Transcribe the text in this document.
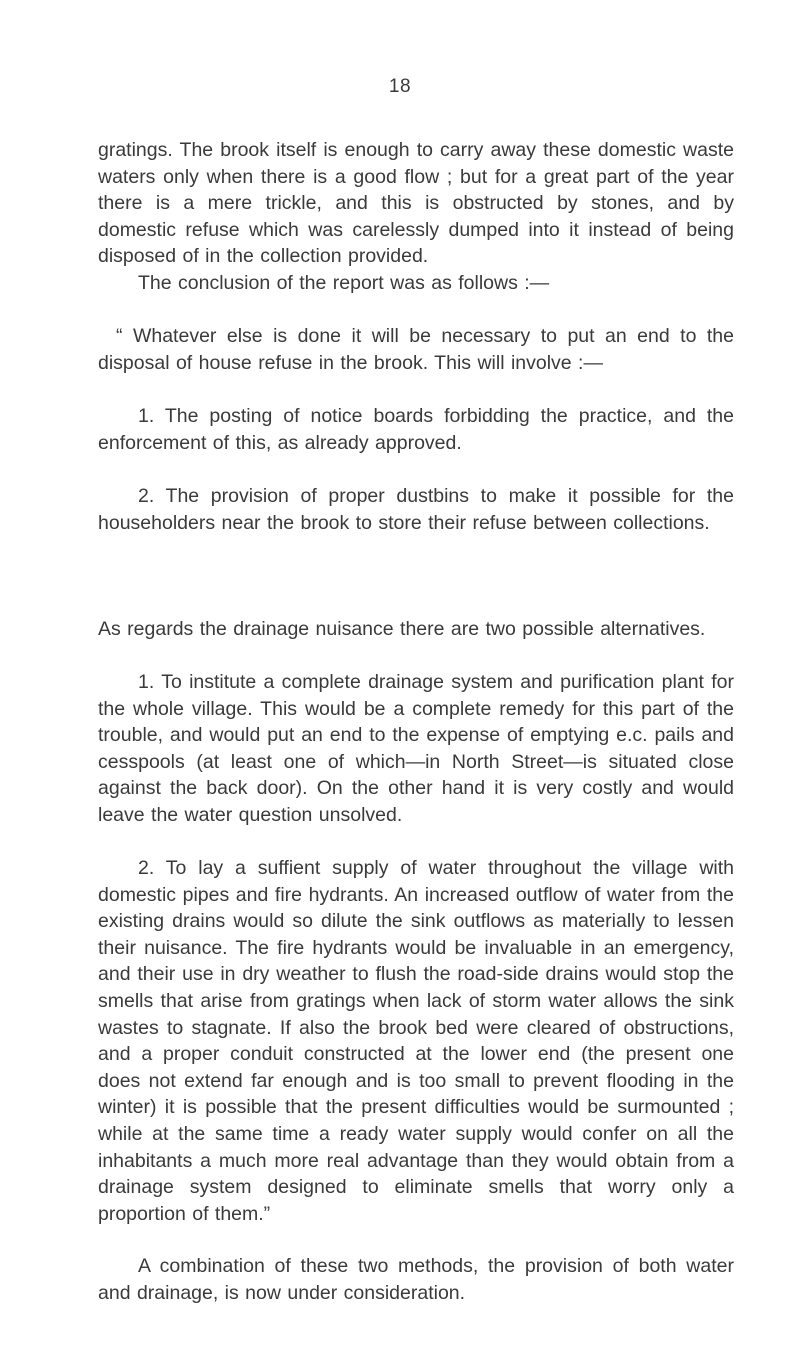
18

gratings. The brook itself is enough to carry away these domestic waste waters only when there is a good flow ; but for a great part of the year there is a mere trickle, and this is obstructed by stones, and by domestic refuse which was carelessly dumped into it instead of being disposed of in the collection provided.

The conclusion of the report was as follows :—

“ Whatever else is done it will be necessary to put an end to the disposal of house refuse in the brook. This will involve :—

1. The posting of notice boards forbidding the practice, and the enforcement of this, as already approved.

2. The provision of proper dustbins to make it possible for the householders near the brook to store their refuse between collections.

As regards the drainage nuisance there are two possible alternatives.

1. To institute a complete drainage system and purification plant for the whole village. This would be a complete remedy for this part of the trouble, and would put an end to the expense of emptying e.c. pails and cesspools (at least one of which—in North Street—is situated close against the back door). On the other hand it is very costly and would leave the water question unsolved.

2. To lay a suffient supply of water throughout the village with domestic pipes and fire hydrants. An increased outflow of water from the existing drains would so dilute the sink outflows as materially to lessen their nuisance. The fire hydrants would be invaluable in an emergency, and their use in dry weather to flush the road-side drains would stop the smells that arise from gratings when lack of storm water allows the sink wastes to stagnate. If also the brook bed were cleared of obstructions, and a proper conduit constructed at the lower end (the present one does not extend far enough and is too small to prevent flooding in the winter) it is possible that the present difficulties would be surmounted ; while at the same time a ready water supply would confer on all the inhabitants a much more real advantage than they would obtain from a drainage system designed to eliminate smells that worry only a proportion of them.”

A combination of these two methods, the provision of both water and drainage, is now under consideration.
